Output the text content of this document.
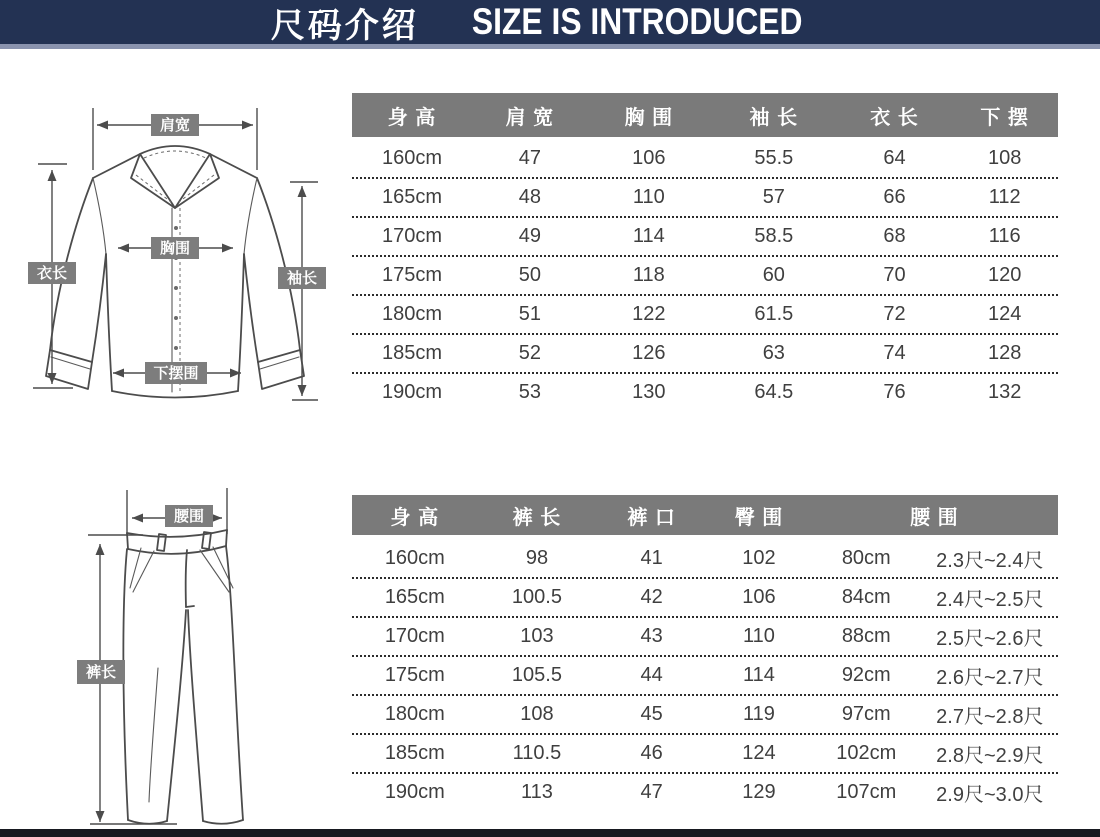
尺码介绍 SIZE IS INTRODUCED
肩宽
胸围
衣长	袖长
下摆围
腰围
裤长
身 高	肩 宽	胸 围	袖 长	衣 长	下 摆
160cm	47	106	55.5	64	108
165cm	48	110	57	66	112
170cm	49	114	58.5	68	116
175cm	50	118	60	70	120
180cm	51	122	61.5	72	124
185cm	52	126	63	74	128
190cm	53	130	64.5	76	132
身 高	裤 长	裤 口	臀 围	腰 围
160cm	98	41	102	80cm	2.3尺~2.4尺
165cm	100.5	42	106	84cm	2.4尺~2.5尺
170cm	103	43	110	88cm	2.5尺~2.6尺
175cm	105.5	44	114	92cm	2.6尺~2.7尺
180cm	108	45	119	97cm	2.7尺~2.8尺
185cm	110.5	46	124	102cm	2.8尺~2.9尺
190cm	113	47	129	107cm	2.9尺~3.0尺
